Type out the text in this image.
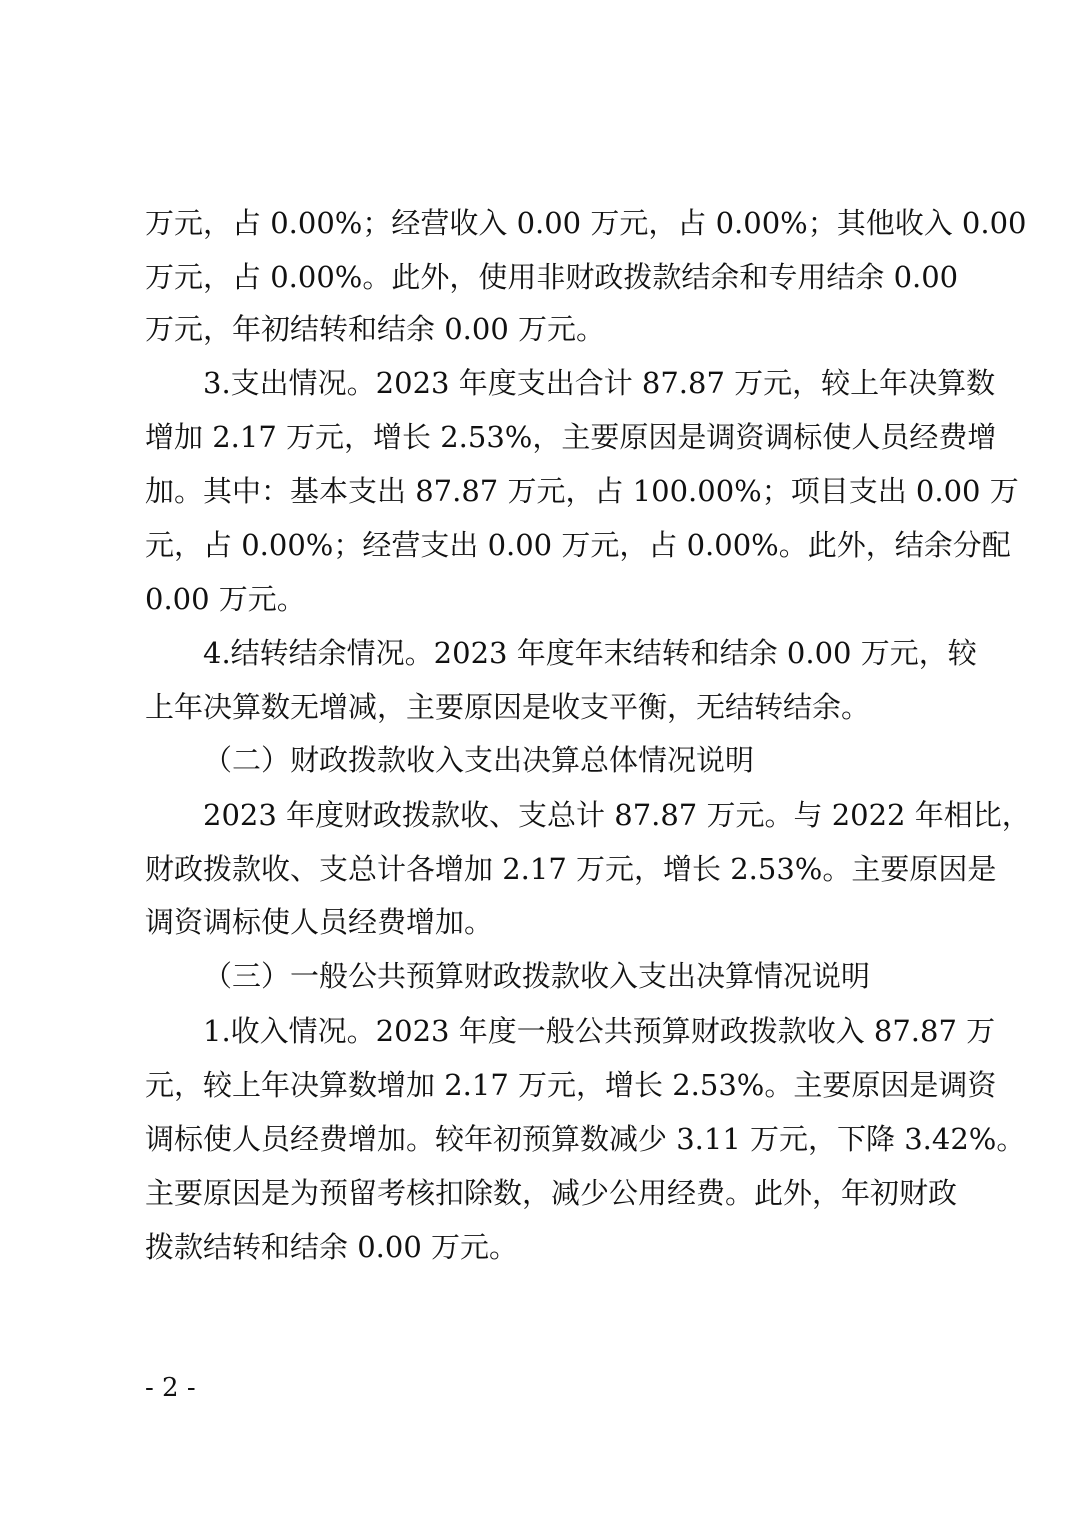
万元，占 0.00%；经营收入 0.00 万元，占 0.00%；其他收入 0.00
万元，占 0.00%。此外，使用非财政拨款结余和专用结余 0.00
万元，年初结转和结余 0.00 万元。
3.支出情况。2023 年度支出合计 87.87 万元，较上年决算数
增加 2.17 万元，增长 2.53%，主要原因是调资调标使人员经费增
加。其中：基本支出 87.87 万元，占 100.00%；项目支出 0.00 万
元，占 0.00%；经营支出 0.00 万元，占 0.00%。此外，结余分配
0.00 万元。
4.结转结余情况。2023 年度年末结转和结余 0.00 万元，较
上年决算数无增减，主要原因是收支平衡，无结转结余。
（二）财政拨款收入支出决算总体情况说明
2023 年度财政拨款收、支总计 87.87 万元。与 2022 年相比，
财政拨款收、支总计各增加 2.17 万元，增长 2.53%。主要原因是
调资调标使人员经费增加。
（三）一般公共预算财政拨款收入支出决算情况说明
1.收入情况。2023 年度一般公共预算财政拨款收入 87.87 万
元，较上年决算数增加 2.17 万元，增长 2.53%。主要原因是调资
调标使人员经费增加。较年初预算数减少 3.11 万元，下降 3.42%。
主要原因是为预留考核扣除数，减少公用经费。此外，年初财政
拨款结转和结余 0.00 万元。
- 2 -
